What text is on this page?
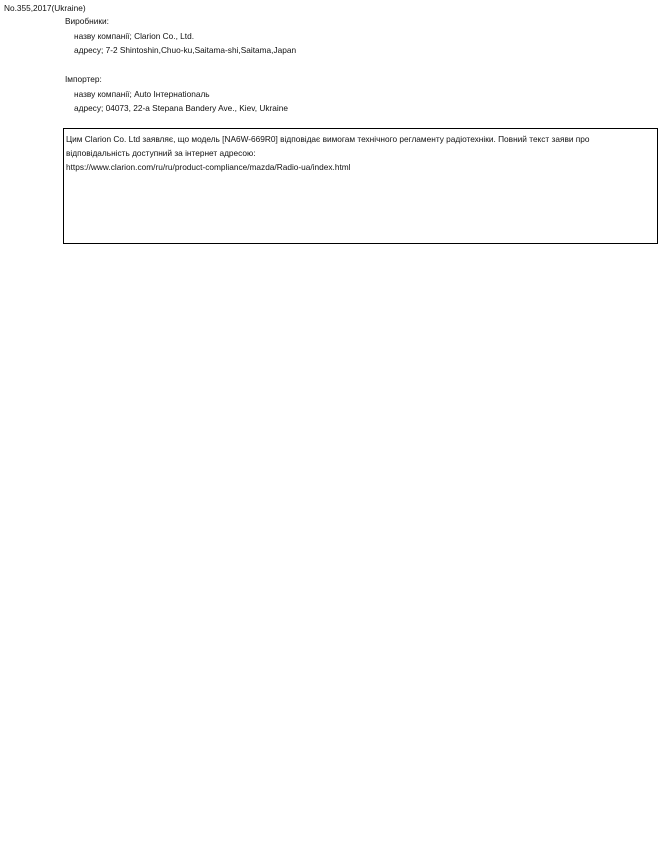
No.355,2017(Ukraine)
Виробники:
назву компанії; Clarion Co., Ltd.
адресу; 7-2 Shintoshin,Chuo-ku,Saitama-shi,Saitama,Japan
Імпортер:
назву компанії; Auto Інтернationаль
адресу; 04073, 22-а Stepana Bandery Ave., Kiev, Ukraine
Цим Clarion Co. Ltd заявляє, що модель [NA6W-669R0] відповідає вимогам технічного регламенту радіотехніки. Повний текст заяви про
відповідальність доступний за інтернет адресою:
https://www.clarion.com/ru/ru/product-compliance/mazda/Radio-ua/index.html
